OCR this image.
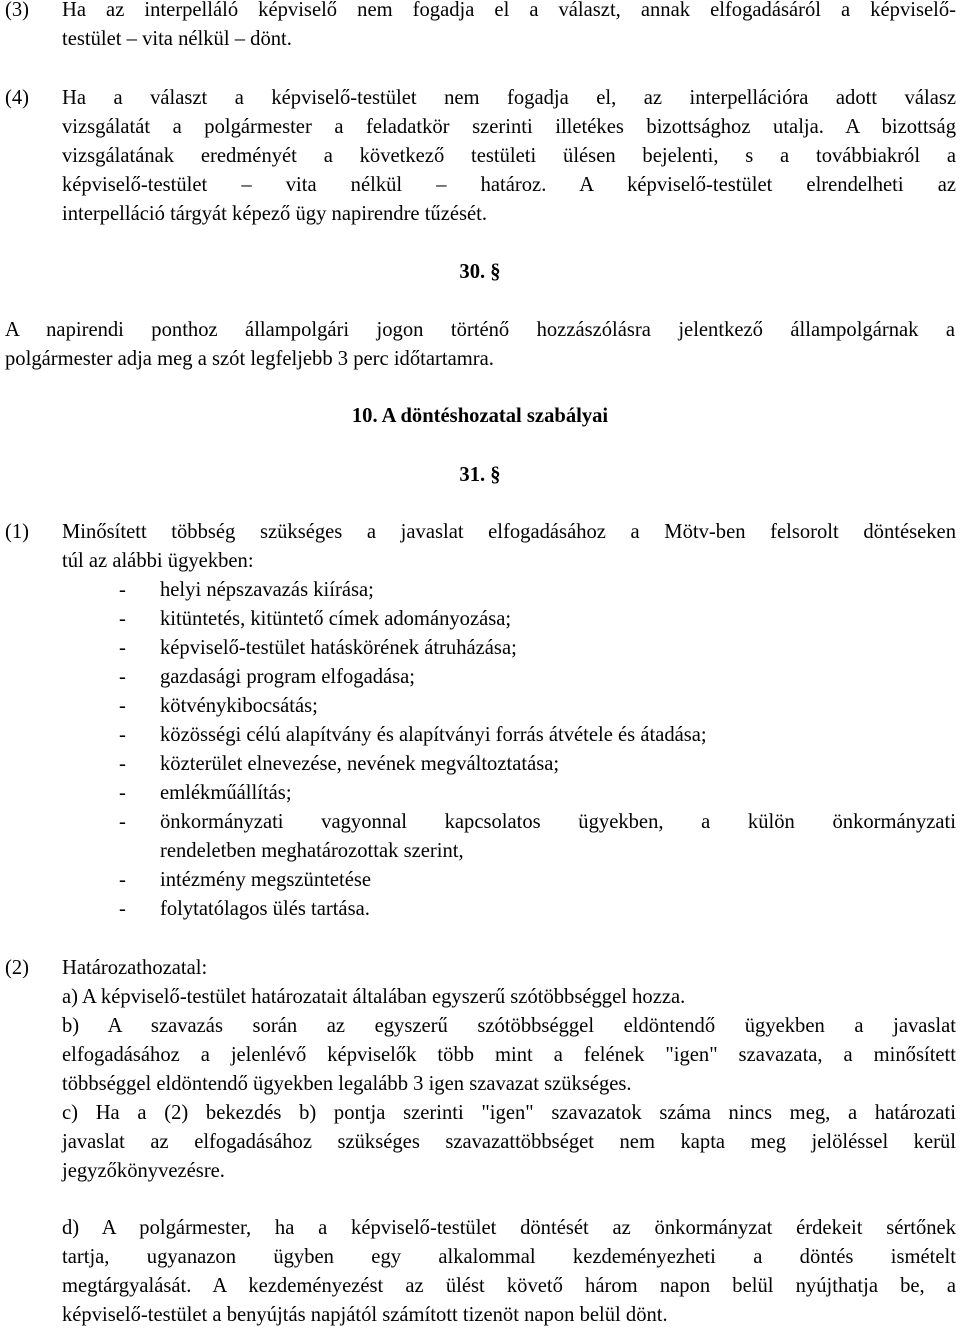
(3)	Ha az interpelláló képviselő nem fogadja el a választ, annak elfogadásáról a képviselő-
testület – vita nélkül – dönt.
(4)	Ha a választ a képviselő-testület nem fogadja el, az interpellációra adott válasz
vizsgálatát a polgármester a feladatkör szerinti illetékes bizottsághoz utalja. A bizottság
vizsgálatának eredményét a következő testületi ülésen bejelenti, s a továbbiakról a
képviselő-testület – vita nélkül – határoz. A képviselő-testület elrendelheti az
interpelláció tárgyát képező ügy napirendre tűzését.
30. §
A napirendi ponthoz állampolgári jogon történő hozzászólásra jelentkező állampolgárnak a
polgármester adja meg a szót legfeljebb 3 perc időtartamra.
10. A döntéshozatal szabályai
31. §
(1)	Minősített többség szükséges a javaslat elfogadásához a Mötv-ben felsorolt döntéseken
túl az alábbi ügyekben:
-	helyi népszavazás kiírása;
-	kitüntetés, kitüntető címek adományozása;
-	képviselő-testület hatáskörének átruházása;
-	gazdasági program elfogadása;
-	kötvénykibocsátás;
-	közösségi célú alapítvány és alapítványi forrás átvétele és átadása;
-	közterület elnevezése, nevének megváltoztatása;
-	emlékműállítás;
-	önkormányzati vagyonnal kapcsolatos ügyekben, a külön önkormányzati
rendeletben meghatározottak szerint,
-	intézmény megszüntetése
-	folytatólagos ülés tartása.
(2)	Határozathozatal:
a) A képviselő-testület határozatait általában egyszerű szótöbbséggel hozza.
b) A szavazás során az egyszerű szótöbbséggel eldöntendő ügyekben a javaslat
elfogadásához a jelenlévő képviselők több mint a felének "igen" szavazata, a minősített
többséggel eldöntendő ügyekben legalább 3 igen szavazat szükséges.
c) Ha a (2) bekezdés b) pontja szerinti "igen" szavazatok száma nincs meg, a határozati
javaslat az elfogadásához szükséges szavazattöbbséget nem kapta meg jelöléssel kerül
jegyzőkönyvezésre.
d) A polgármester, ha a képviselő-testület döntését az önkormányzat érdekeit sértőnek
tartja, ugyanazon ügyben egy alkalommal kezdeményezheti a döntés ismételt
megtárgyalását. A kezdeményezést az ülést követő három napon belül nyújthatja be, a
képviselő-testület a benyújtás napjától számított tizenöt napon belül dönt.
